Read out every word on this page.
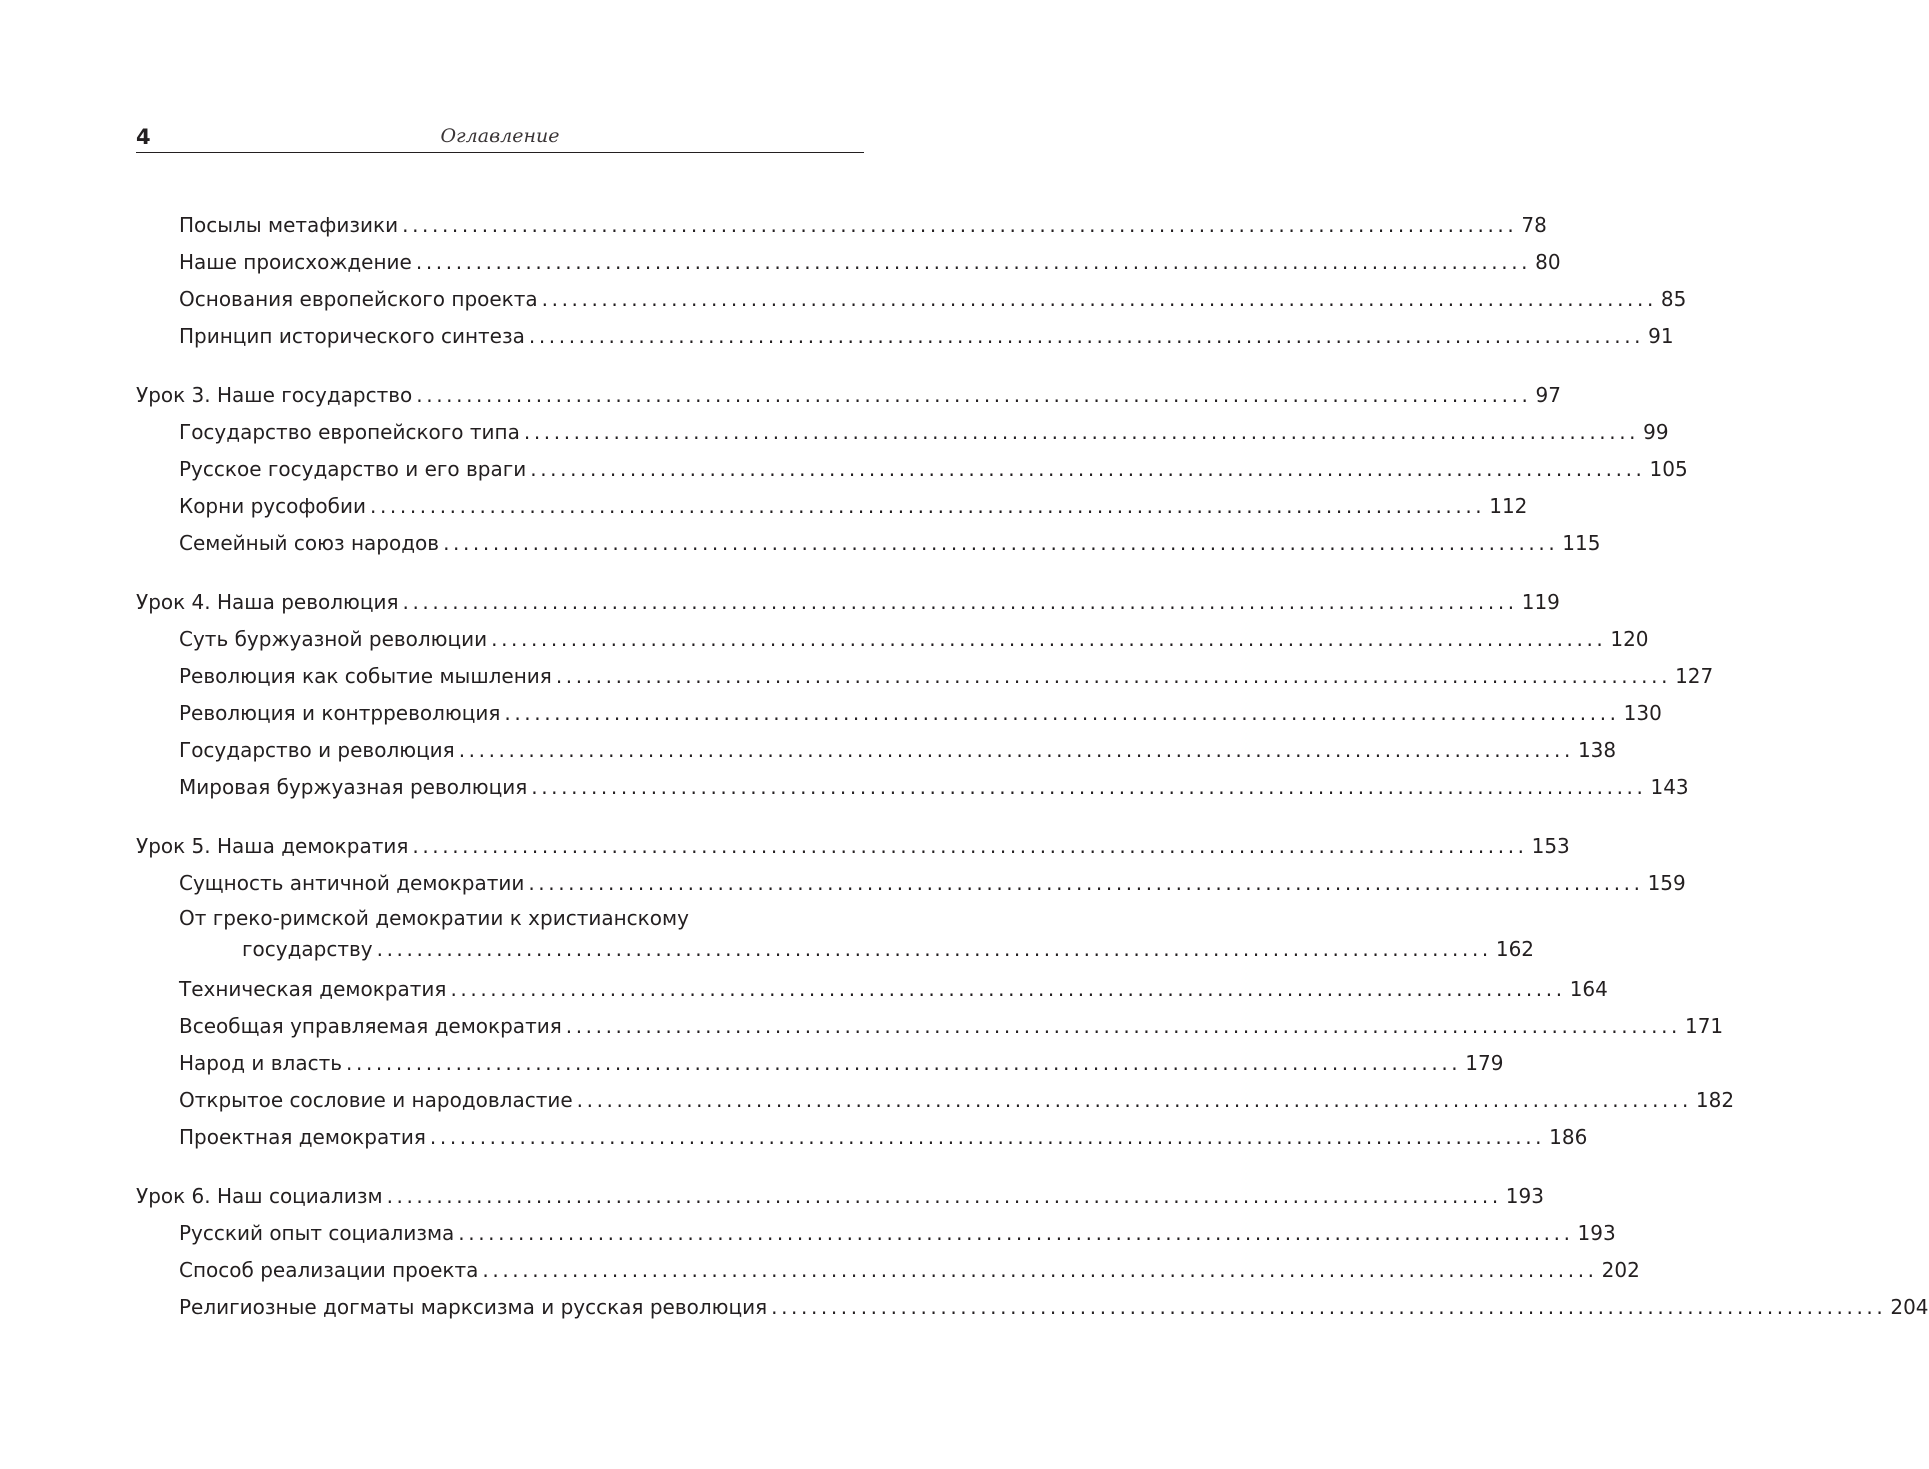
4	Оглавление
Посылы метафизики ................................................................................................................ 78
Наше происхождение ................................................................................................................ 80
Основания европейского проекта ................................................................................................................ 85
Принцип исторического синтеза ................................................................................................................ 91
Урок 3. Наше государство ................................................................................................................ 97
Государство европейского типа ................................................................................................................ 99
Русское государство и его враги ................................................................................................................ 105
Корни русофобии ................................................................................................................ 112
Семейный союз народов ................................................................................................................ 115
Урок 4. Наша революция ................................................................................................................ 119
Суть буржуазной революции ................................................................................................................ 120
Революция как событие мышления ................................................................................................................ 127
Революция и контрреволюция ................................................................................................................ 130
Государство и революция ................................................................................................................ 138
Мировая буржуазная революция ................................................................................................................ 143
Урок 5. Наша демократия ................................................................................................................ 153
Сущность античной демократии ................................................................................................................ 159
От греко-римской демократии к христианскому
государству ................................................................................................................ 162
Техническая демократия ................................................................................................................ 164
Всеобщая управляемая демократия ................................................................................................................ 171
Народ и власть ................................................................................................................ 179
Открытое сословие и народовластие ................................................................................................................ 182
Проектная демократия ................................................................................................................ 186
Урок 6. Наш социализм ................................................................................................................ 193
Русский опыт социализма ................................................................................................................ 193
Способ реализации проекта ................................................................................................................ 202
Религиозные догматы марксизма и русская революция ................................................................................................................ 204
